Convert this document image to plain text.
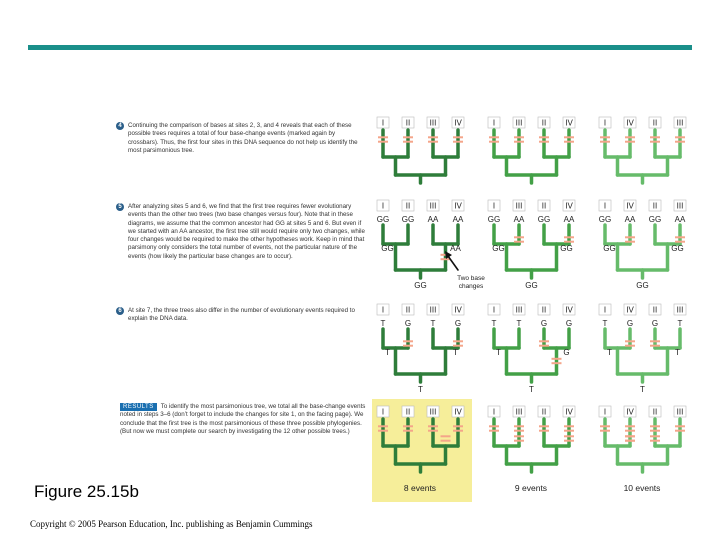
4	Continuing the comparison of bases at sites 2, 3, and 4 reveals that each of these possible trees requires a total of four base-change events (marked again by crossbars). Thus, the first four sites in this DNA sequence do not help us identify the most parsimonious tree.
5	After analyzing sites 5 and 6, we find that the first tree requires fewer evolutionary events than the other two trees (two base changes versus four). Note that in these diagrams, we assume that the common ancestor had GG at sites 5 and 6. But even if we started with an AA ancestor, the first tree still would require only two changes, while four changes would be required to make the other hypotheses work. Keep in mind that parsimony only considers the total number of events, not the particular nature of the events (how likely the particular base changes are to occur).
6	At site 7, the three trees also differ in the number of evolutionary events required to explain the DNA data.
RESULTS To identify the most parsimonious tree, we total all the base-change events noted in steps 3–6 (don’t forget to include the changes for site 1, on the facing page). We conclude that the first tree is the most parsimonious of these three possible phylogenies. (But now we must complete our search by investigating the 12 other possible trees.)
Figure 25.15b
Copyright © 2005 Pearson Education, Inc. publishing as Benjamin Cummings
I	II III IV	I	III II IV	I	IV II III
I	II III IV
GG GG AA AA
GG	AA
GG
I	III II IV
GG AA GG AA
GG	GG
GG
I	IV II III
GG AA GG AA
GG	GG
GG
I	II III IV
T G T G
T	T
T
I	III II IV
T	T G G
T	G
T
I	IV II III
T G G T
T	T
T
I	II III IV	I	III II IV	I	IV II III
Two base
changes
8 events	9 events	10 events
